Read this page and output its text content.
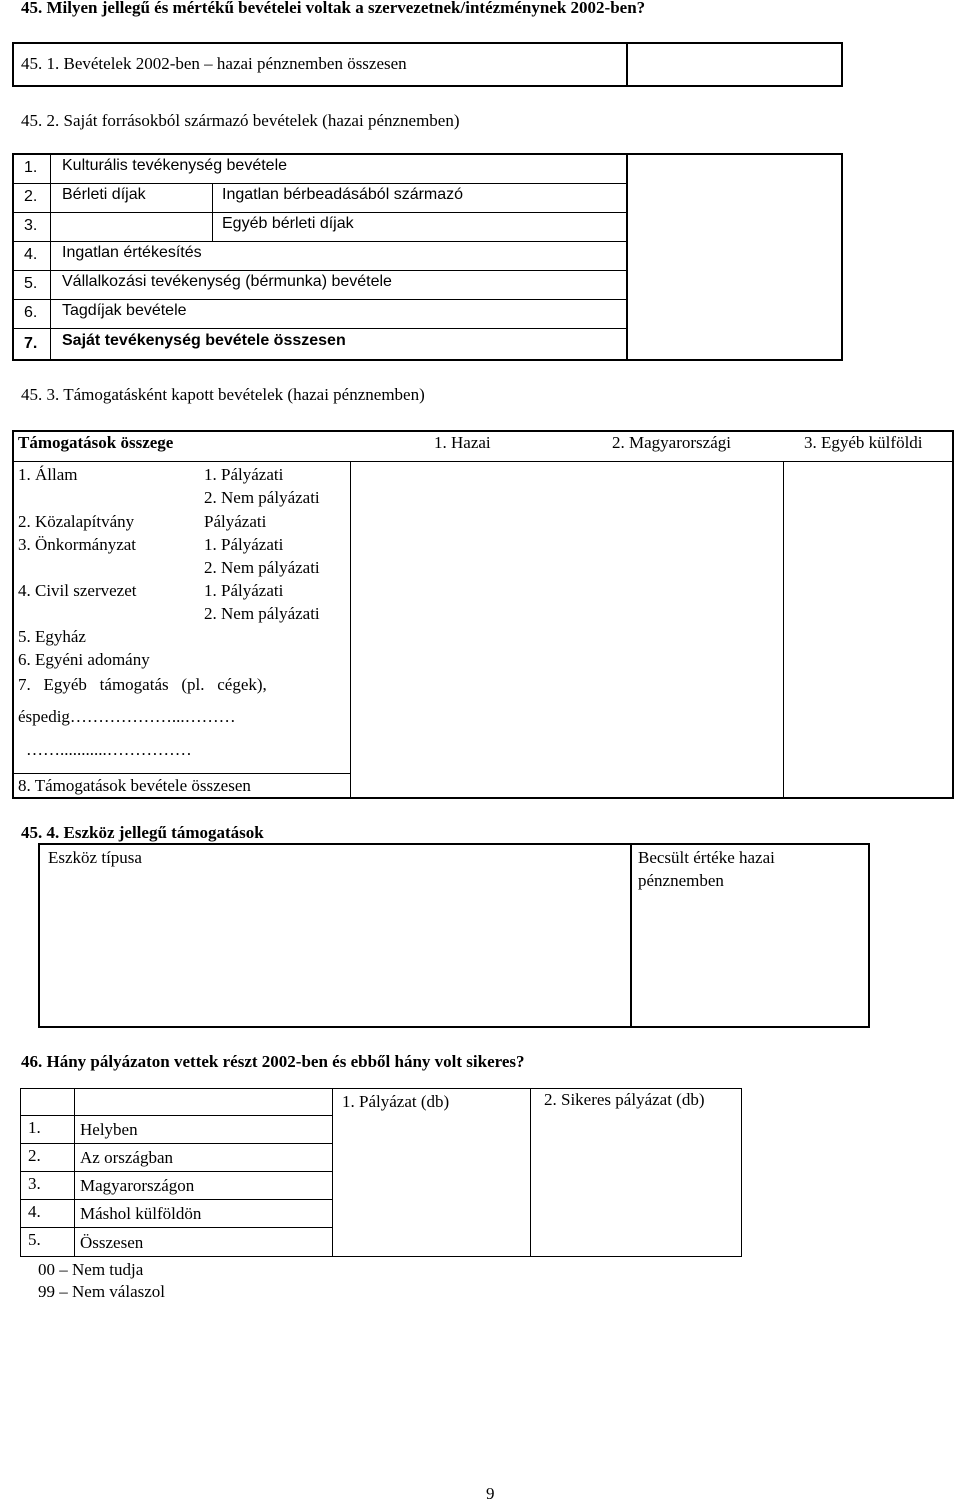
45. Milyen jellegű és mértékű bevételei voltak a szervezetnek/intézménynek 2002-ben?
45. 1. Bevételek 2002-ben – hazai pénznemben összesen
45. 2. Saját forrásokból származó bevételek (hazai pénznemben)
1. Kulturális tevékenység bevétele
2. Bérleti díjak	Ingatlan bérbeadásából származó
3.	Egyéb bérleti díjak
4. Ingatlan értékesítés
5. Vállalkozási tevékenység (bérmunka) bevétele
6. Tagdíjak bevétele
7. Saját tevékenység bevétele összesen
45. 3. Támogatásként kapott bevételek (hazai pénznemben)
Támogatások összege	1. Hazai	2. Magyarországi	3. Egyéb külföldi
1. Állam	1. Pályázati
2. Nem pályázati
2. Közalapítvány	Pályázati
3. Önkormányzat	1. Pályázati
2. Nem pályázati
4. Civil szervezet	1. Pályázati
2. Nem pályázati
5. Egyház
6. Egyéni adomány
7.   Egyéb   támogatás   (pl.   cégek),
éspedig………………...………
……...........……………
8. Támogatások bevétele összesen
45. 4. Eszköz jellegű támogatások
Eszköz típusa	Becsült értéke hazai
pénznemben
46. Hány pályázaton vettek részt 2002-ben és ebből hány volt sikeres?
1. Pályázat (db)	2. Sikeres pályázat (db)
1. Helyben
2. Az országban
3. Magyarországon
4. Máshol külföldön
5. Összesen
00 – Nem tudja
99 – Nem válaszol
9
